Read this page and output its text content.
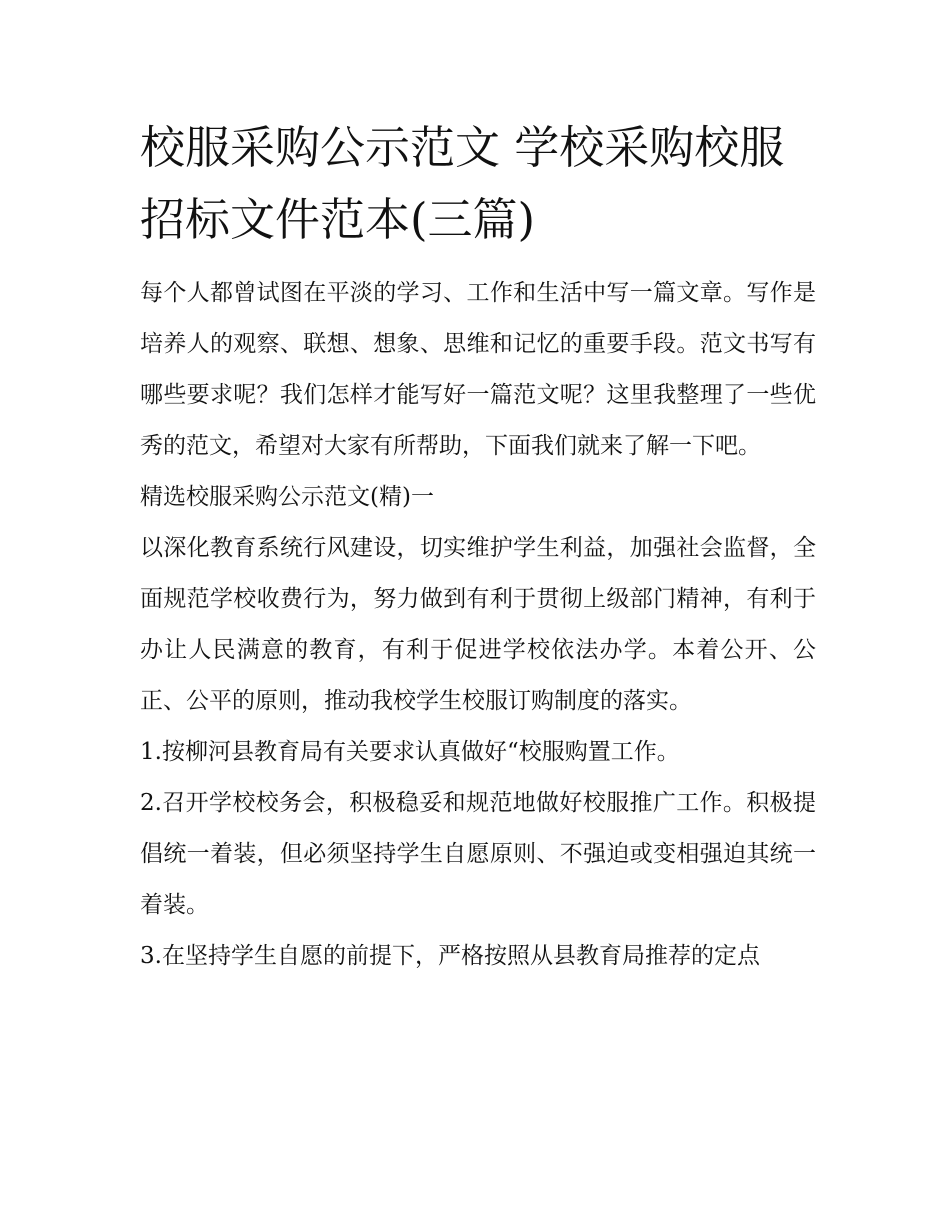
校服采购公示范文 学校采购校服招标文件范本(三篇)

每个人都曾试图在平淡的学习、工作和生活中写一篇文章。写作是培养人的观察、联想、想象、思维和记忆的重要手段。范文书写有哪些要求呢？我们怎样才能写好一篇范文呢？这里我整理了一些优秀的范文，希望对大家有所帮助，下面我们就来了解一下吧。

精选校服采购公示范文(精)一

以深化教育系统行风建设，切实维护学生利益，加强社会监督，全面规范学校收费行为，努力做到有利于贯彻上级部门精神，有利于办让人民满意的教育，有利于促进学校依法办学。本着公开、公正、公平的原则，推动我校学生校服订购制度的落实。

1.按柳河县教育局有关要求认真做好“校服购置工作。

2.召开学校校务会，积极稳妥和规范地做好校服推广工作。积极提倡统一着装，但必须坚持学生自愿原则、不强迫或变相强迫其统一着装。

3.在坚持学生自愿的前提下，严格按照从县教育局推荐的定点
